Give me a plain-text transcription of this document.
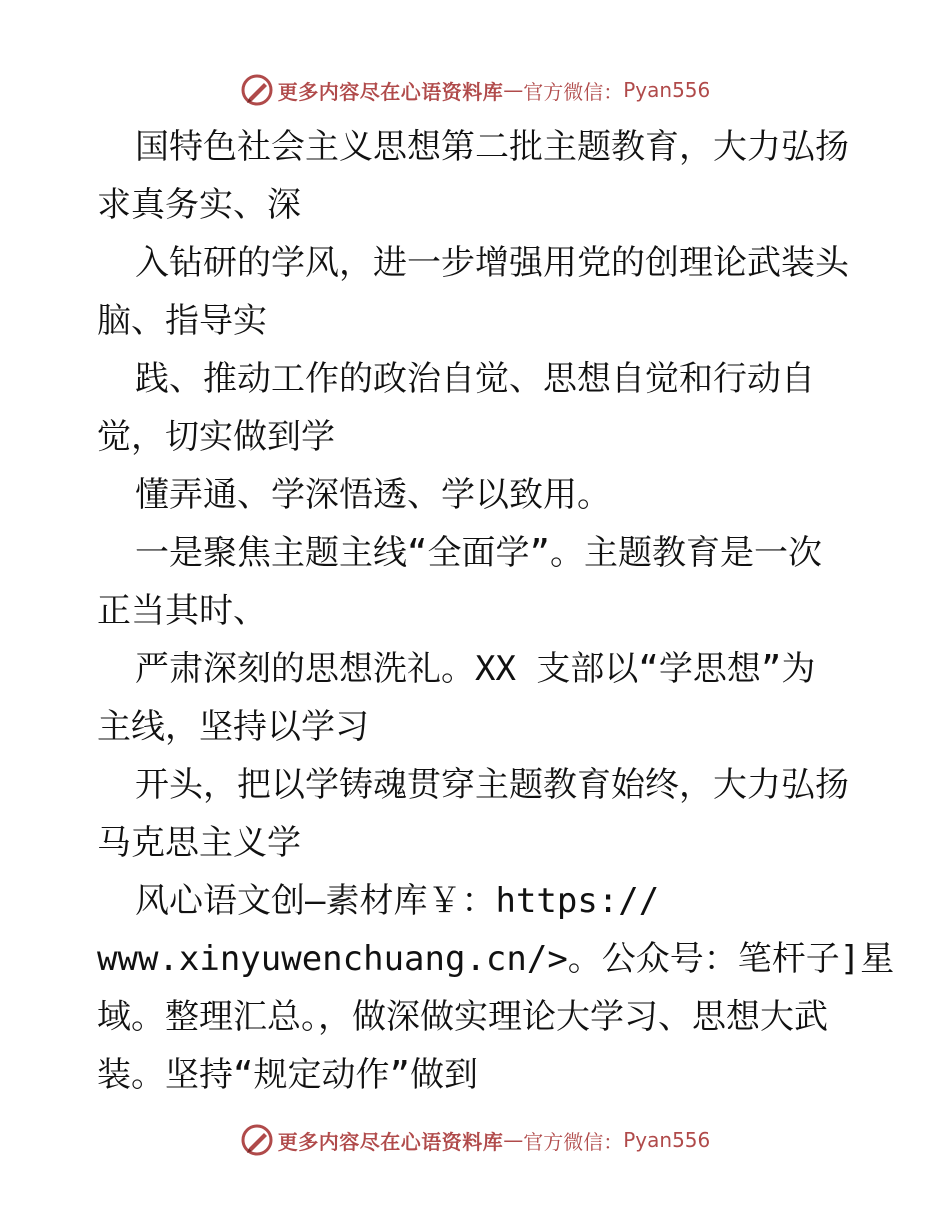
更多内容尽在心语资料库 — 官方微信： Pyan556
国特色社会主义思想第二批主题教育，大力弘扬
求真务实、深
入钻研的学风，进一步增强用党的创理论武装头
脑、指导实
践、推动工作的政治自觉、思想自觉和行动自
觉，切实做到学
懂弄通、学深悟透、学以致用。
一是聚焦主题主线“全面学”。主题教育是一次
正当其时、
严肃深刻的思想洗礼。XX 支部以“学思想”为
主线，坚持以学习
开头，把以学铸魂贯穿主题教育始终，大力弘扬
马克思主义学
风心语文创—素材库￥：https://
www.xinyuwenchuang.cn/>。公众号：笔杆子]星
域。整理汇总。，做深做实理论大学习、思想大武
装。坚持“规定动作”做到
更多内容尽在心语资料库 — 官方微信： Pyan556
